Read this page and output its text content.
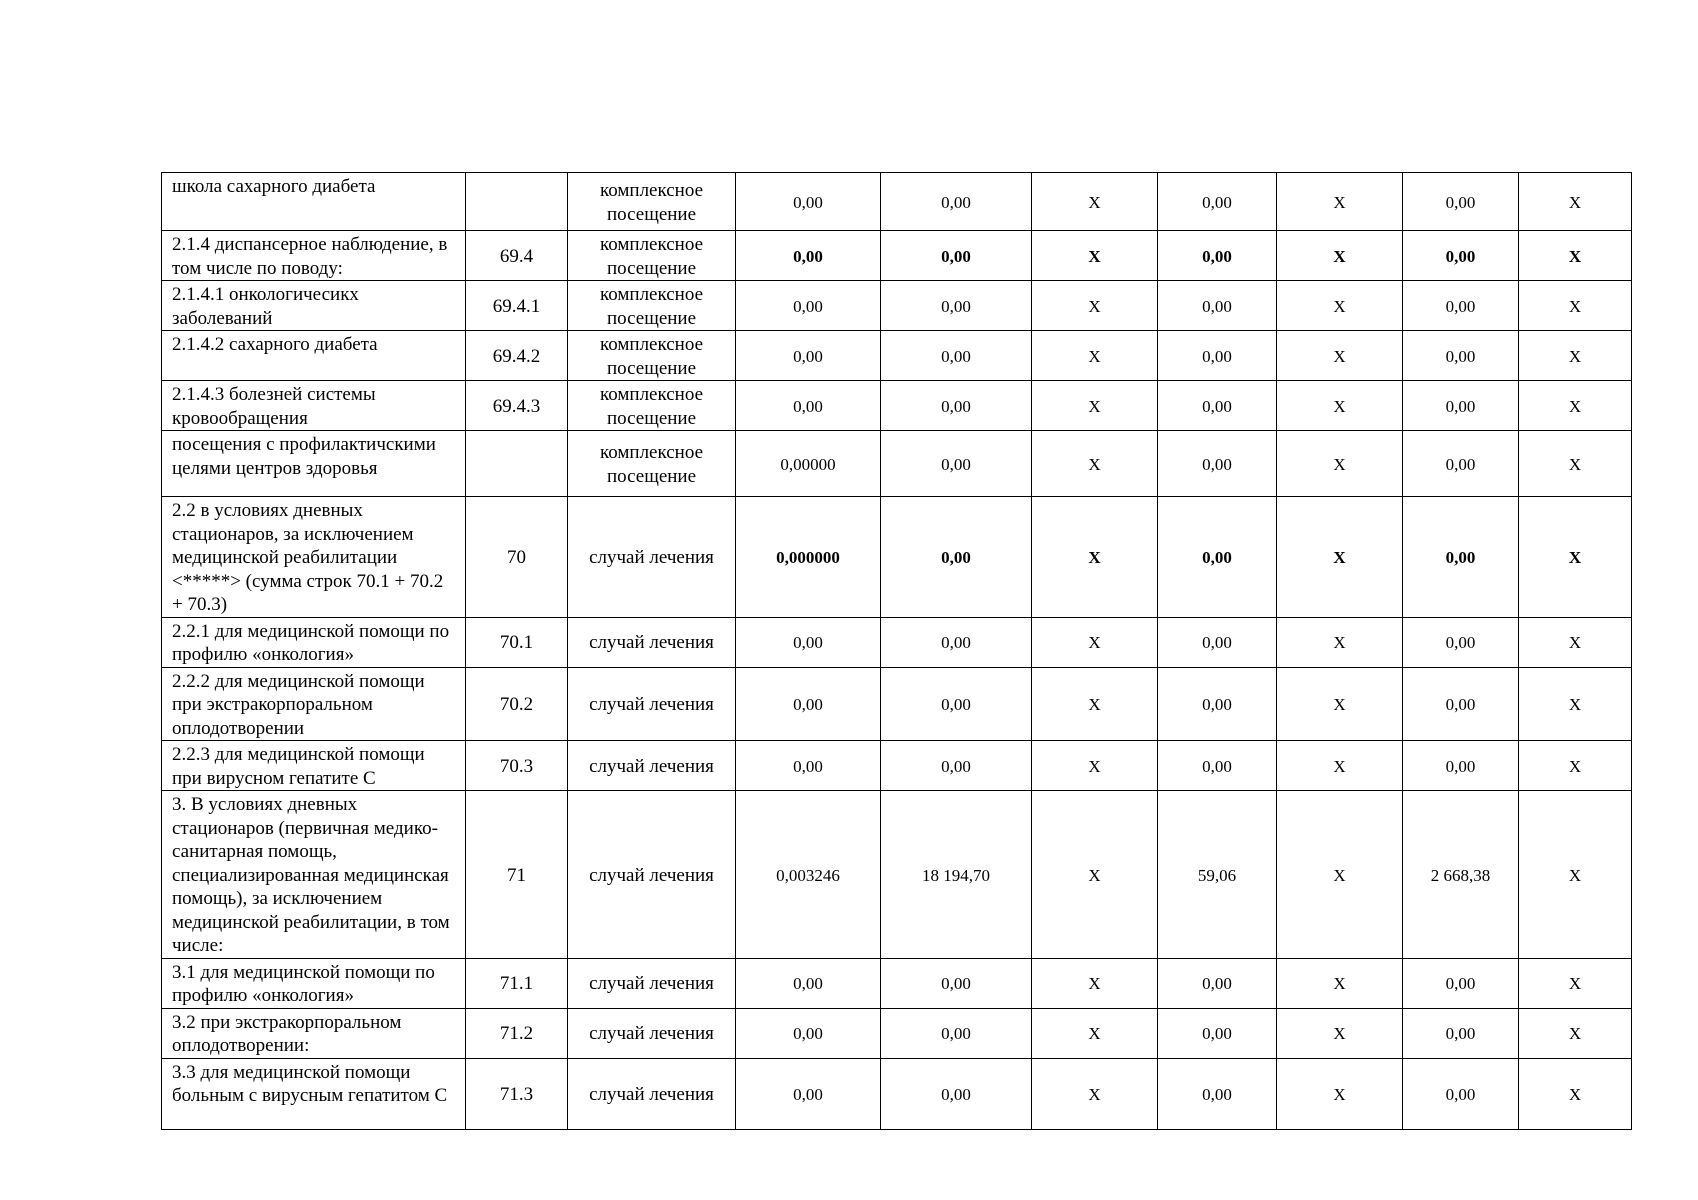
школа сахарного диабета		комплексное посещение	0,00	0,00	Х	0,00	Х	0,00	Х
2.1.4 диспансерное наблюдение, в том числе по поводу:	69.4	комплексное посещение	0,00	0,00	Х	0,00	Х	0,00	Х
2.1.4.1 онкологичесикх заболеваний	69.4.1	комплексное посещение	0,00	0,00	Х	0,00	Х	0,00	Х
2.1.4.2 сахарного диабета	69.4.2	комплексное посещение	0,00	0,00	Х	0,00	Х	0,00	Х
2.1.4.3 болезней системы кровообращения	69.4.3	комплексное посещение	0,00	0,00	Х	0,00	Х	0,00	Х
посещения с профилактичскими целями центров здоровья		комплексное посещение	0,00000	0,00	Х	0,00	Х	0,00	Х
2.2 в условиях дневных стационаров, за исключением медицинской реабилитации <*****> (сумма строк 70.1 + 70.2 + 70.3)	70	случай лечения	0,000000	0,00	Х	0,00	Х	0,00	Х
2.2.1 для медицинской помощи по профилю «онкология»	70.1	случай лечения	0,00	0,00	Х	0,00	Х	0,00	Х
2.2.2 для медицинской помощи при экстракорпоральном оплодотворении	70.2	случай лечения	0,00	0,00	Х	0,00	Х	0,00	Х
2.2.3 для медицинской помощи при вирусном гепатите С	70.3	случай лечения	0,00	0,00	Х	0,00	Х	0,00	Х
3. В условиях дневных стационаров (первичная медико-санитарная помощь, специализированная медицинская помощь), за исключением медицинской реабилитации, в том числе:	71	случай лечения	0,003246	18 194,70	Х	59,06	Х	2 668,38	Х
3.1 для медицинской помощи по профилю «онкология»	71.1	случай лечения	0,00	0,00	Х	0,00	Х	0,00	Х
3.2 при экстракорпоральном оплодотворении:	71.2	случай лечения	0,00	0,00	Х	0,00	Х	0,00	Х
3.3 для медицинской помощи больным с вирусным гепатитом С	71.3	случай лечения	0,00	0,00	Х	0,00	Х	0,00	Х
